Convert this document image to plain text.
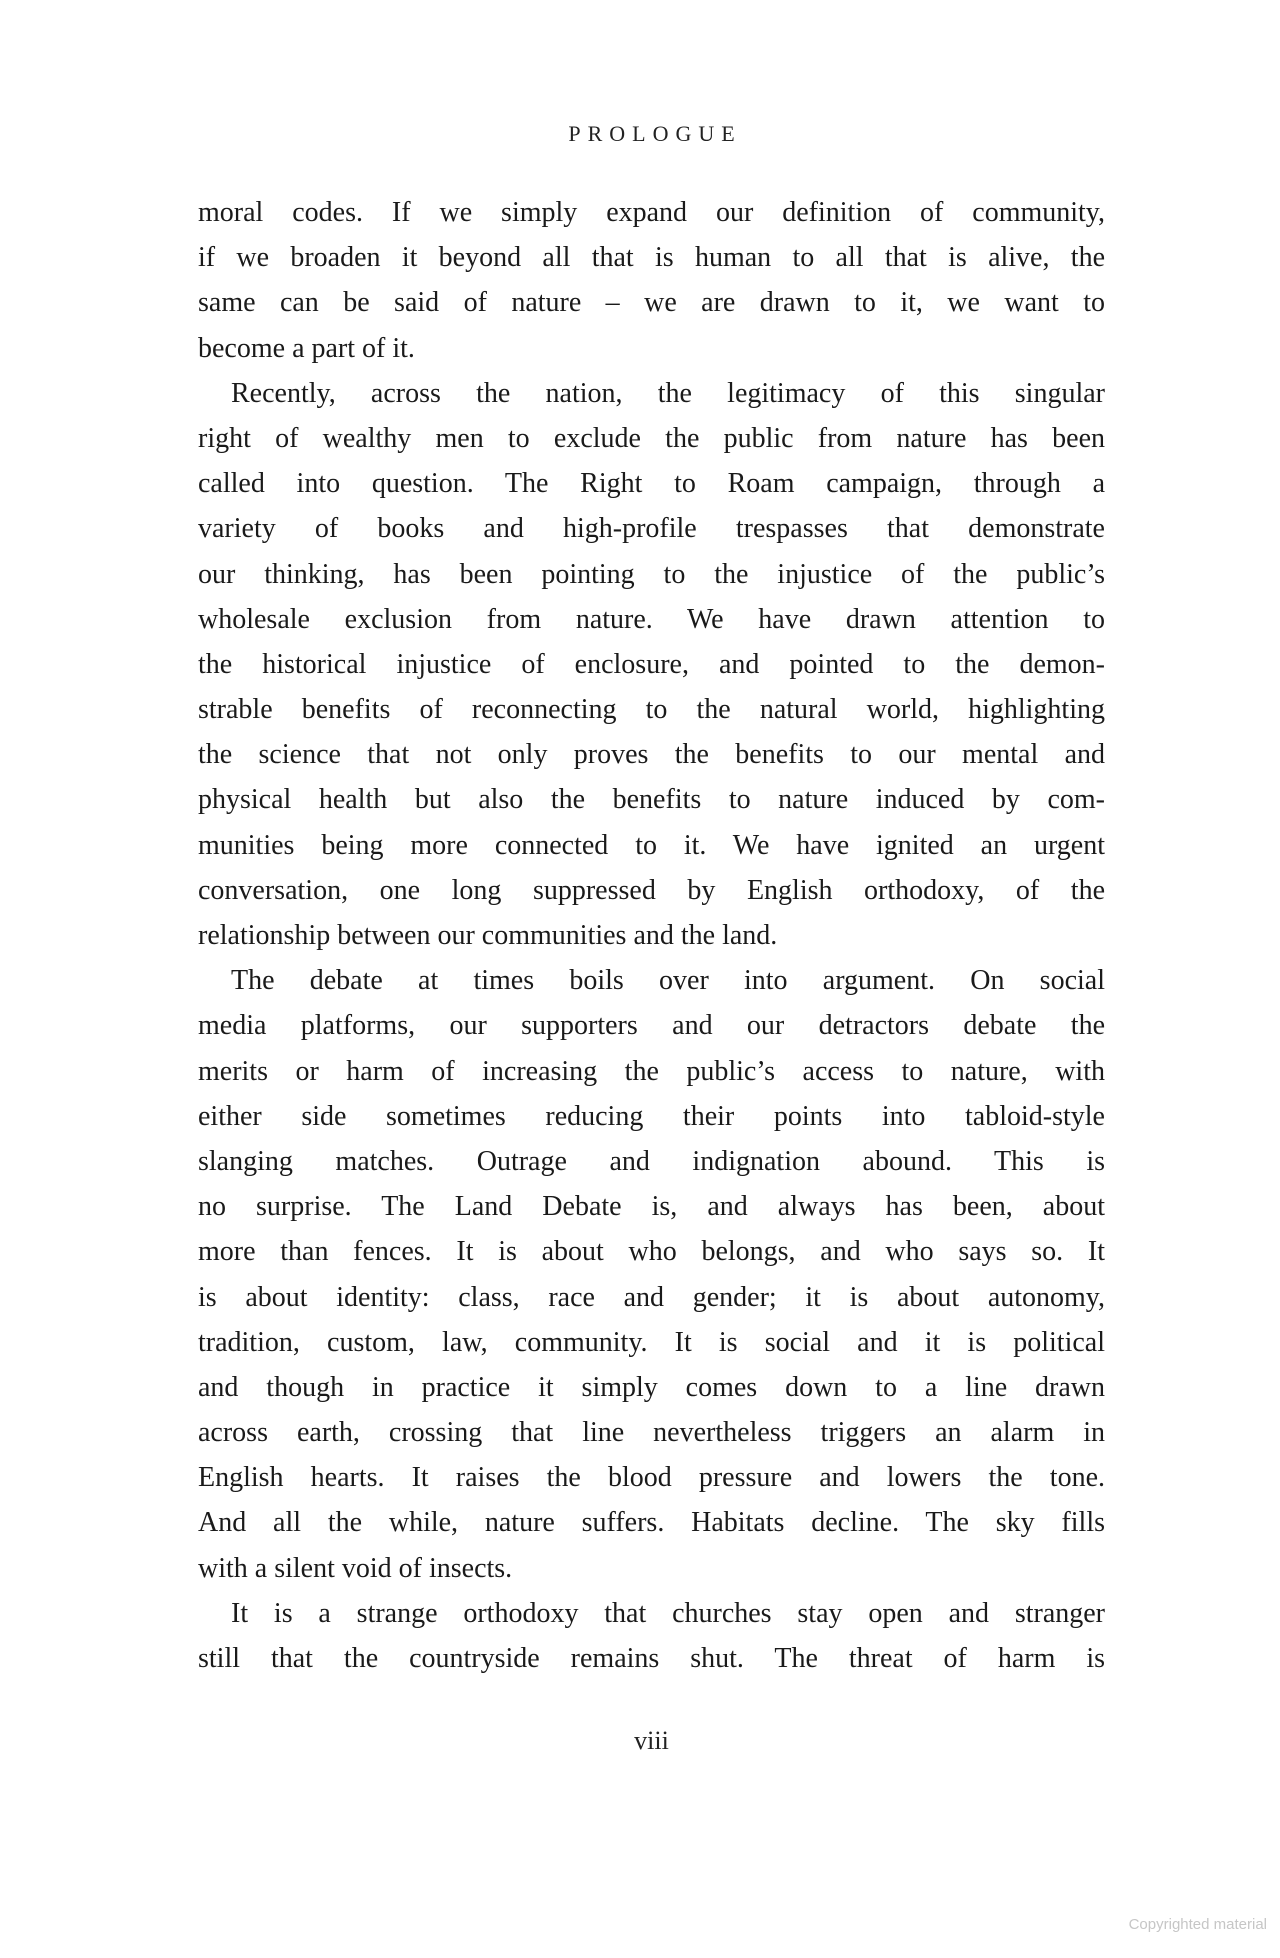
PROLOGUE
moral codes. If we simply expand our definition of community,
if we broaden it beyond all that is human to all that is alive, the
same can be said of nature – we are drawn to it, we want to
become a part of it.
Recently, across the nation, the legitimacy of this singular
right of wealthy men to exclude the public from nature has been
called into question. The Right to Roam campaign, through a
variety of books and high-profile trespasses that demonstrate
our thinking, has been pointing to the injustice of the public’s
wholesale exclusion from nature. We have drawn attention to
the historical injustice of enclosure, and pointed to the demon-
strable benefits of reconnecting to the natural world, highlighting
the science that not only proves the benefits to our mental and
physical health but also the benefits to nature induced by com-
munities being more connected to it. We have ignited an urgent
conversation, one long suppressed by English orthodoxy, of the
relationship between our communities and the land.
The debate at times boils over into argument. On social
media platforms, our supporters and our detractors debate the
merits or harm of increasing the public’s access to nature, with
either side sometimes reducing their points into tabloid-style
slanging matches. Outrage and indignation abound. This is
no surprise. The Land Debate is, and always has been, about
more than fences. It is about who belongs, and who says so. It
is about identity: class, race and gender; it is about autonomy,
tradition, custom, law, community. It is social and it is political
and though in practice it simply comes down to a line drawn
across earth, crossing that line nevertheless triggers an alarm in
English hearts. It raises the blood pressure and lowers the tone.
And all the while, nature suffers. Habitats decline. The sky fills
with a silent void of insects.
It is a strange orthodoxy that churches stay open and stranger
still that the countryside remains shut. The threat of harm is
viii
Copyrighted material
